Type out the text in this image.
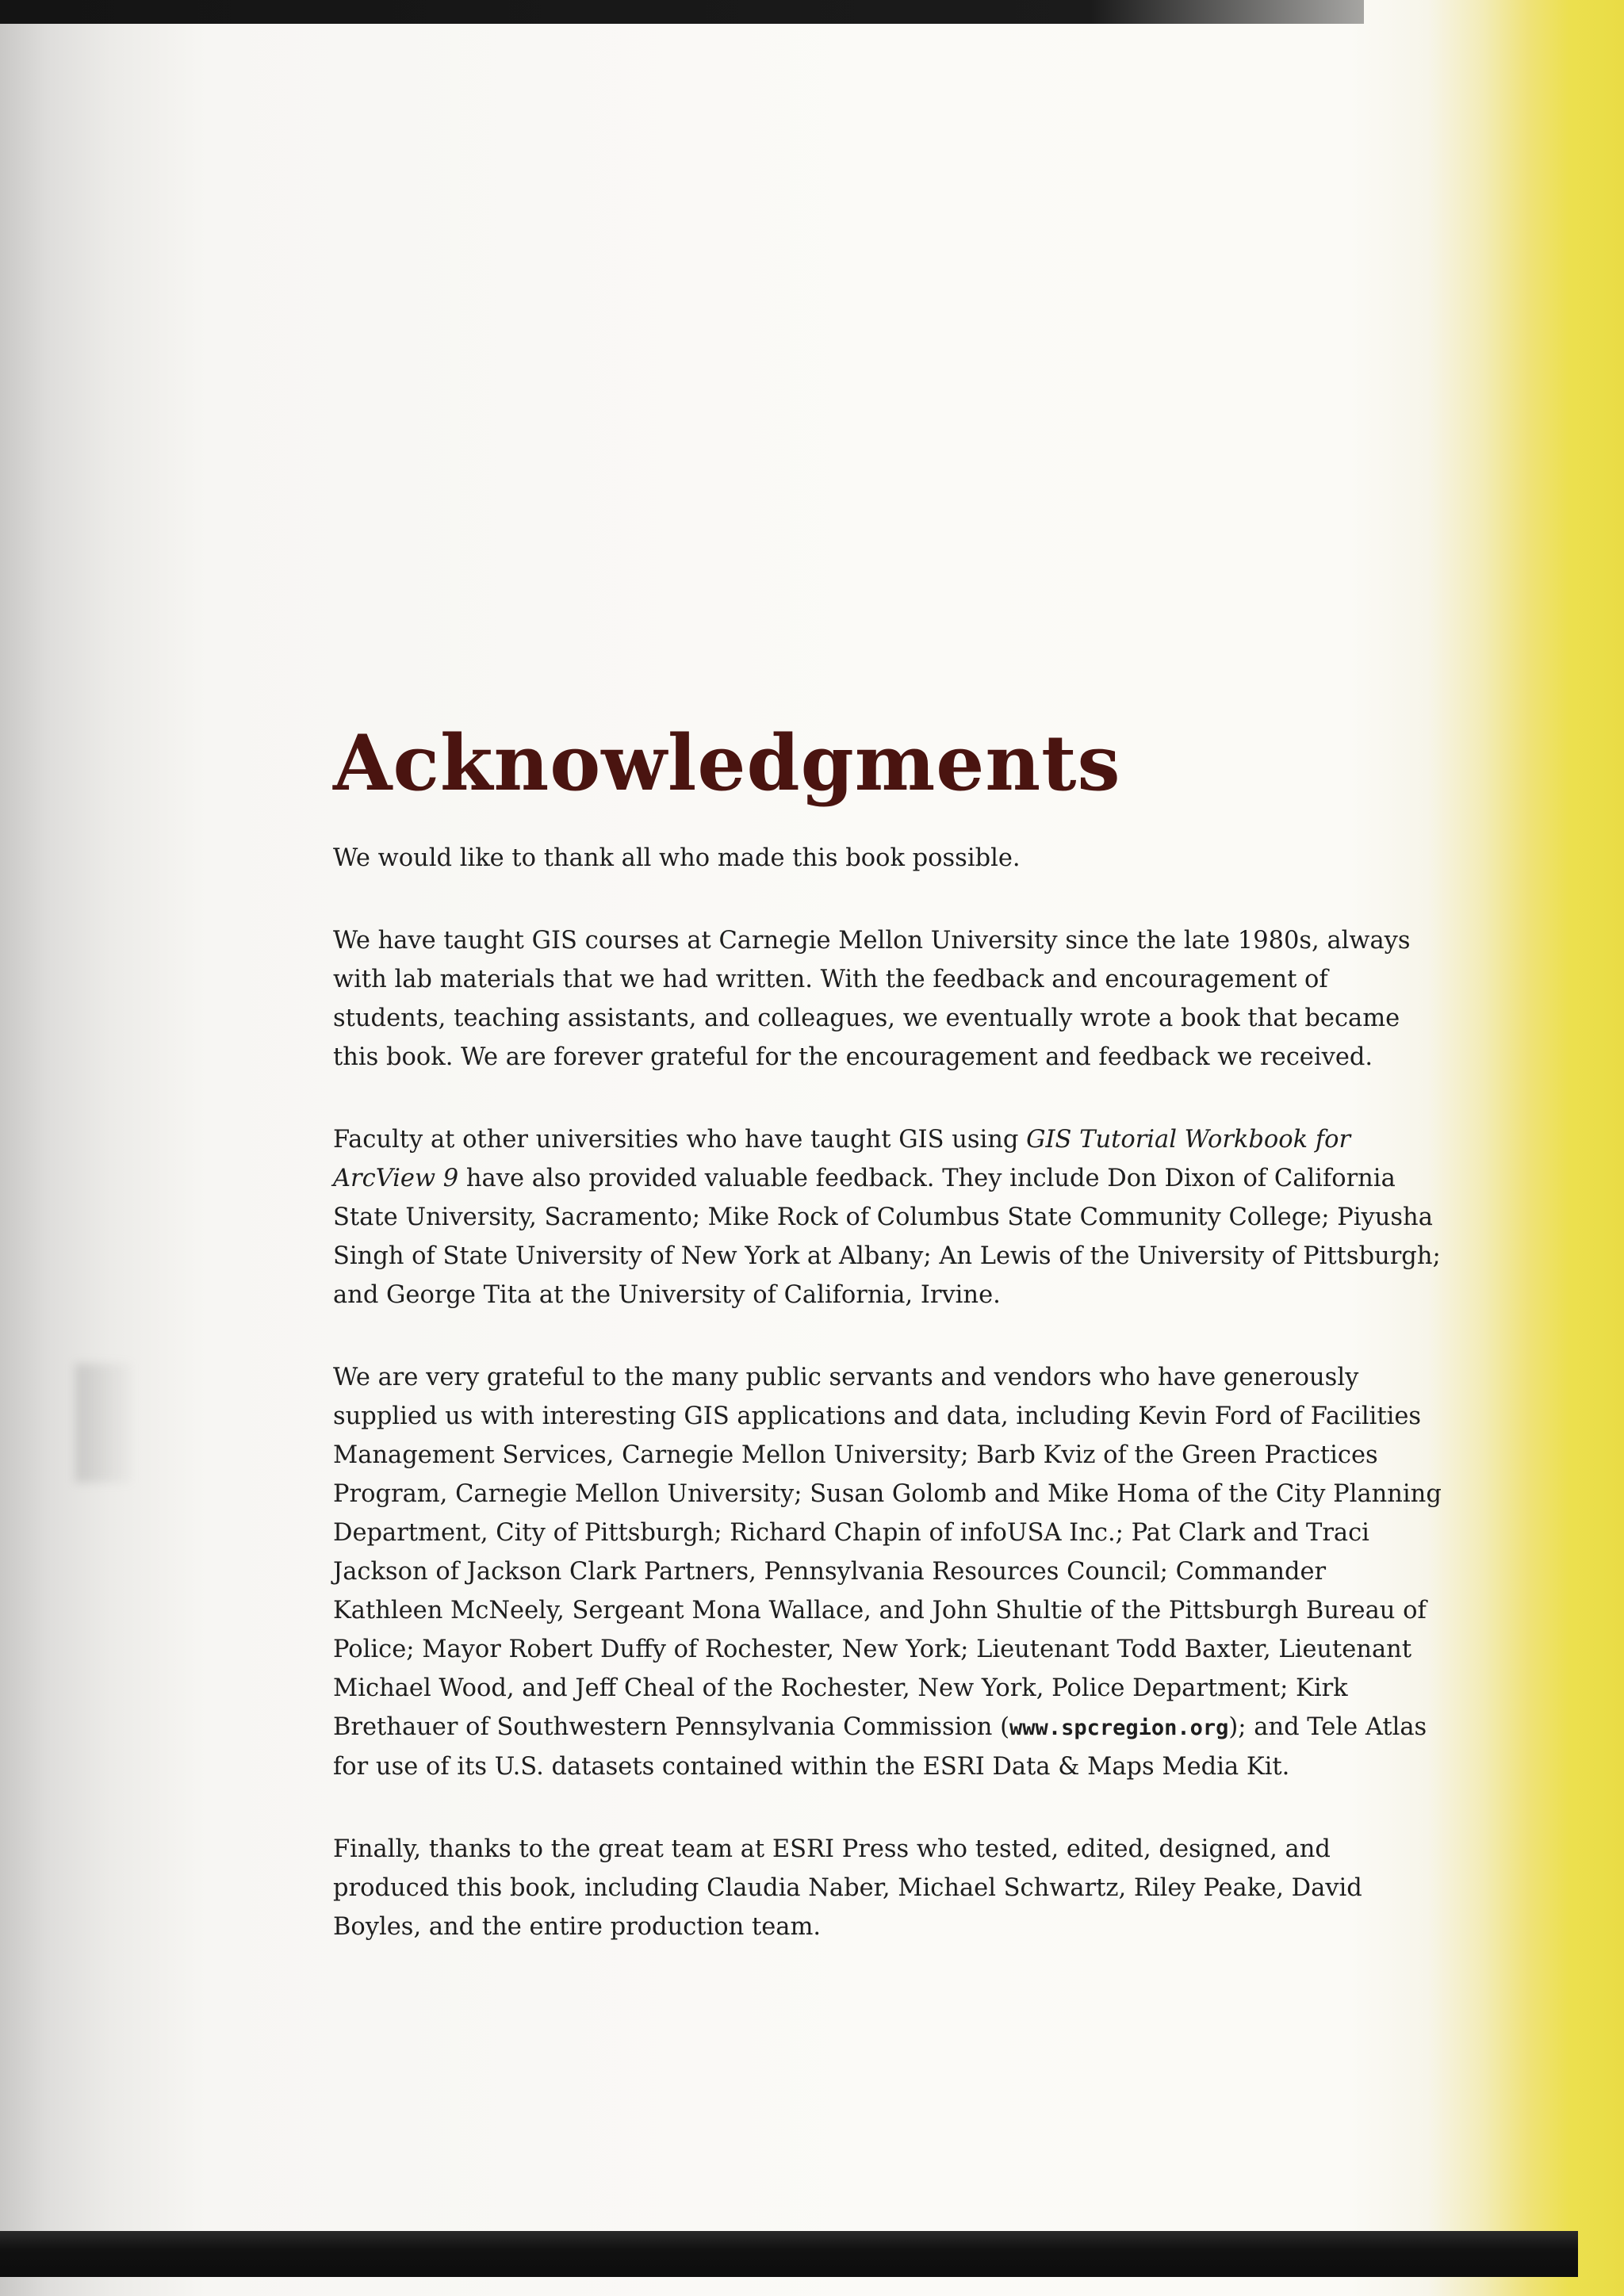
Acknowledgments

We would like to thank all who made this book possible.

We have taught GIS courses at Carnegie Mellon University since the late 1980s, always with lab materials that we had written. With the feedback and encouragement of students, teaching assistants, and colleagues, we eventually wrote a book that became this book. We are forever grateful for the encouragement and feedback we received.

Faculty at other universities who have taught GIS using GIS Tutorial Workbook for ArcView 9 have also provided valuable feedback. They include Don Dixon of California State University, Sacramento; Mike Rock of Columbus State Community College; Piyusha Singh of State University of New York at Albany; An Lewis of the University of Pittsburgh; and George Tita at the University of California, Irvine.

We are very grateful to the many public servants and vendors who have generously supplied us with interesting GIS applications and data, including Kevin Ford of Facilities Management Services, Carnegie Mellon University; Barb Kviz of the Green Practices Program, Carnegie Mellon University; Susan Golomb and Mike Homa of the City Planning Department, City of Pittsburgh; Richard Chapin of infoUSA Inc.; Pat Clark and Traci Jackson of Jackson Clark Partners, Pennsylvania Resources Council; Commander Kathleen McNeely, Sergeant Mona Wallace, and John Shultie of the Pittsburgh Bureau of Police; Mayor Robert Duffy of Rochester, New York; Lieutenant Todd Baxter, Lieutenant Michael Wood, and Jeff Cheal of the Rochester, New York, Police Department; Kirk Brethauer of Southwestern Pennsylvania Commission (www.spcregion.org); and Tele Atlas for use of its U.S. datasets contained within the ESRI Data & Maps Media Kit.

Finally, thanks to the great team at ESRI Press who tested, edited, designed, and produced this book, including Claudia Naber, Michael Schwartz, Riley Peake, David Boyles, and the entire production team.
